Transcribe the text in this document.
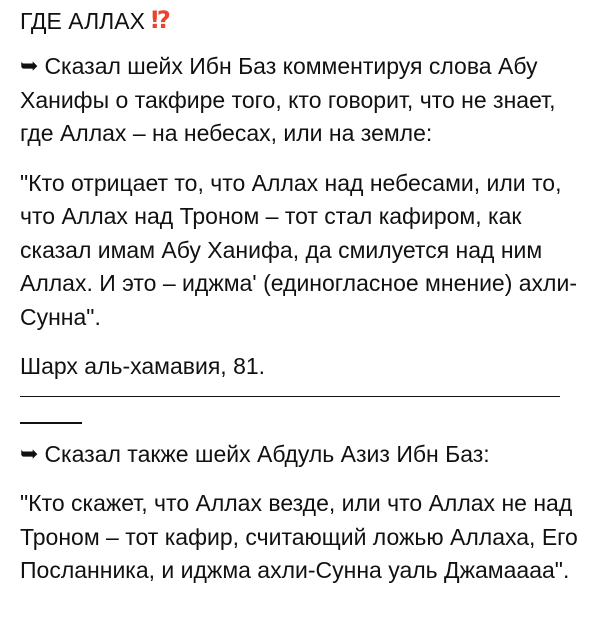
ГДЕ АЛЛАХ ⁉

➥ Сказал шейх Ибн Баз комментируя слова Абу Ханифы о такфире того, кто говорит, что не знает, где Аллах – на небесах, или на земле:

"Кто отрицает то, что Аллах над небесами, или то, что Аллах над Троном – тот стал кафиром, как сказал имам Абу Ханифа, да смилуется над ним Аллах. И это – иджма' (единогласное мнение) ахли-Сунна".

Шарх аль-хамавия, 81.

➥ Сказал также шейх Абдуль Азиз Ибн Баз:

"Кто скажет, что Аллах везде, или что Аллах не над Троном – тот кафир, считающий ложью Аллаха, Его Посланника, и иджма ахли-Сунна уаль Джамаааа".
